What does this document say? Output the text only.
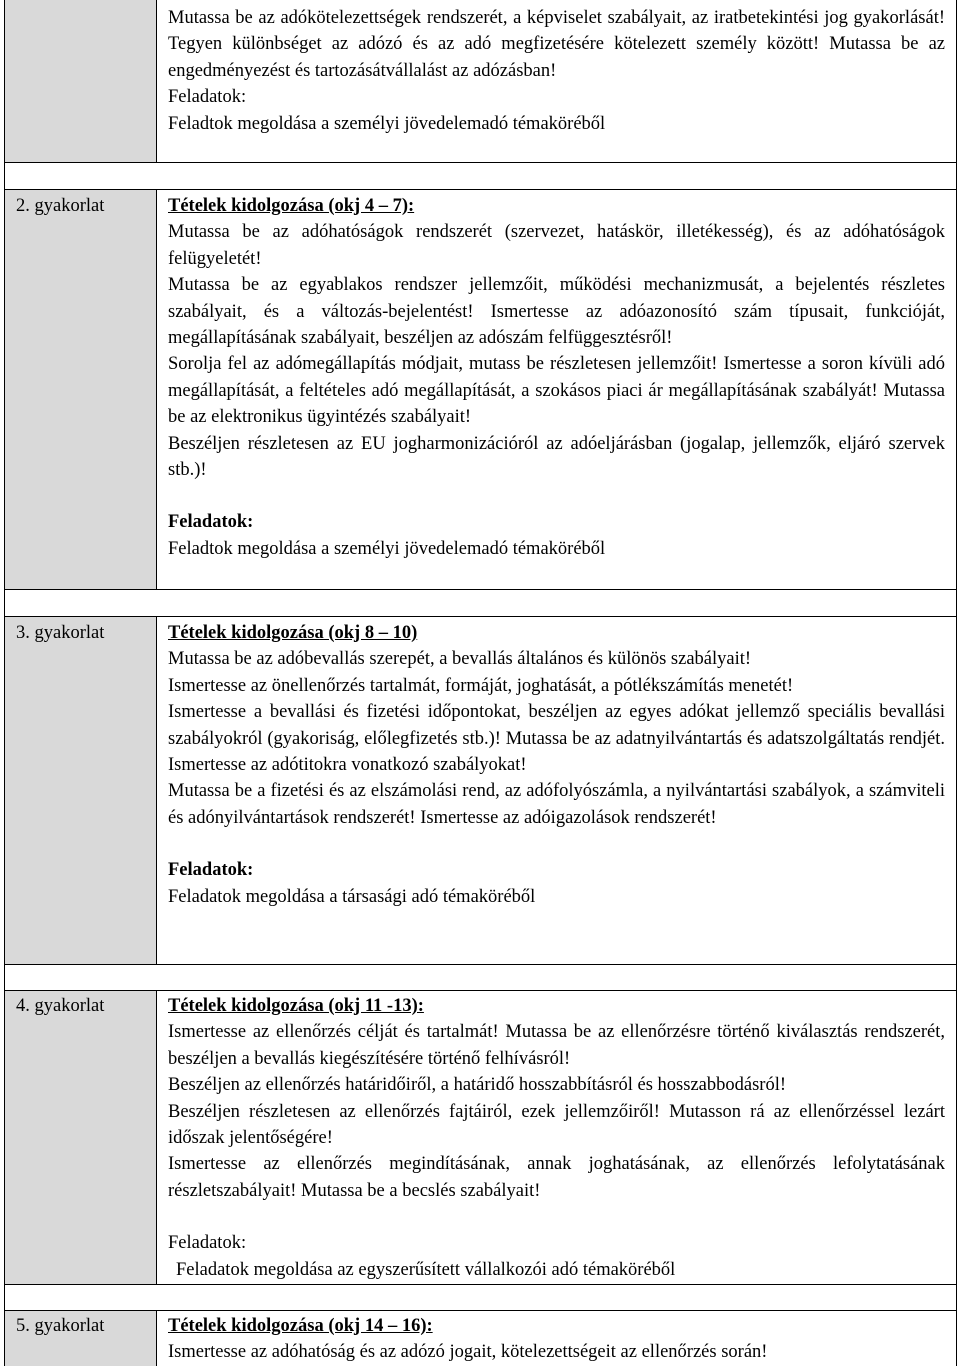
Mutassa be az adókötelezettségek rendszerét, a képviselet szabályait, az iratbetekintési jog gyakorlását! Tegyen különbséget az adózó és az adó megfizetésére kötelezett személy között! Mutassa be az engedményezést és tartozásátvállalást az adózásban!

Feladatok:
Feladtok megoldása a személyi jövedelemadó témaköréből
2. gyakorlat	Tételek kidolgozása (okj 4 – 7):

Mutassa be az adóhatóságok rendszerét (szervezet, hatáskör, illetékesség), és az adóhatóságok felügyeletét!

Mutassa be az egyablakos rendszer jellemzőit, működési mechanizmusát, a bejelentés részletes szabályait, és a változás-bejelentést! Ismertesse az adóazonosító szám típusait, funkcióját, megállapításának szabályait, beszéljen az adószám felfüggesztésről!

Sorolja fel az adómegállapítás módjait, mutass be részletesen jellemzőit! Ismertesse a soron kívüli adó megállapítását, a feltételes adó megállapítását, a szokásos piaci ár megállapításának szabályát! Mutassa be az elektronikus ügyintézés szabályait!

Beszéljen részletesen az EU jogharmonizációról az adóeljárásban (jogalap, jellemzők, eljáró szervek stb.)!

Feladatok:
Feladtok megoldása a személyi jövedelemadó témaköréből
3. gyakorlat	Tételek kidolgozása (okj 8 – 10)

Mutassa be az adóbevallás szerepét, a bevallás általános és különös szabályait!

Ismertesse az önellenőrzés tartalmát, formáját, joghatását, a pótlékszámítás menetét!

Ismertesse a bevallási és fizetési időpontokat, beszéljen az egyes adókat jellemző speciális bevallási szabályokról (gyakoriság, előlegfizetés stb.)! Mutassa be az adatnyilvántartás és adatszolgáltatás rendjét. Ismertesse az adótitokra vonatkozó szabályokat!

Mutassa be a fizetési és az elszámolási rend, az adófolyószámla, a nyilvántartási szabályok, a számviteli és adónyilvántartások rendszerét! Ismertesse az adóigazolások rendszerét!

Feladatok:
Feladatok megoldása a társasági adó témaköréből
4. gyakorlat	Tételek kidolgozása (okj 11 -13):

Ismertesse az ellenőrzés célját és tartalmát! Mutassa be az ellenőrzésre történő kiválasztás rendszerét, beszéljen a bevallás kiegészítésére történő felhívásról!

Beszéljen az ellenőrzés határidőiről, a határidő hosszabbításról és hosszabbodásról!

Beszéljen részletesen az ellenőrzés fajtáiról, ezek jellemzőiről! Mutasson rá az ellenőrzéssel lezárt időszak jelentőségére!

Ismertesse az ellenőrzés megindításának, annak joghatásának, az ellenőrzés lefolytatásának részletszabályait! Mutassa be a becslés szabályait!

Feladatok:
Feladatok megoldása az egyszerűsített vállalkozói adó témaköréből
5. gyakorlat	Tételek kidolgozása (okj 14 – 16):

Ismertesse az adóhatóság és az adózó jogait, kötelezettségeit az ellenőrzés során!
